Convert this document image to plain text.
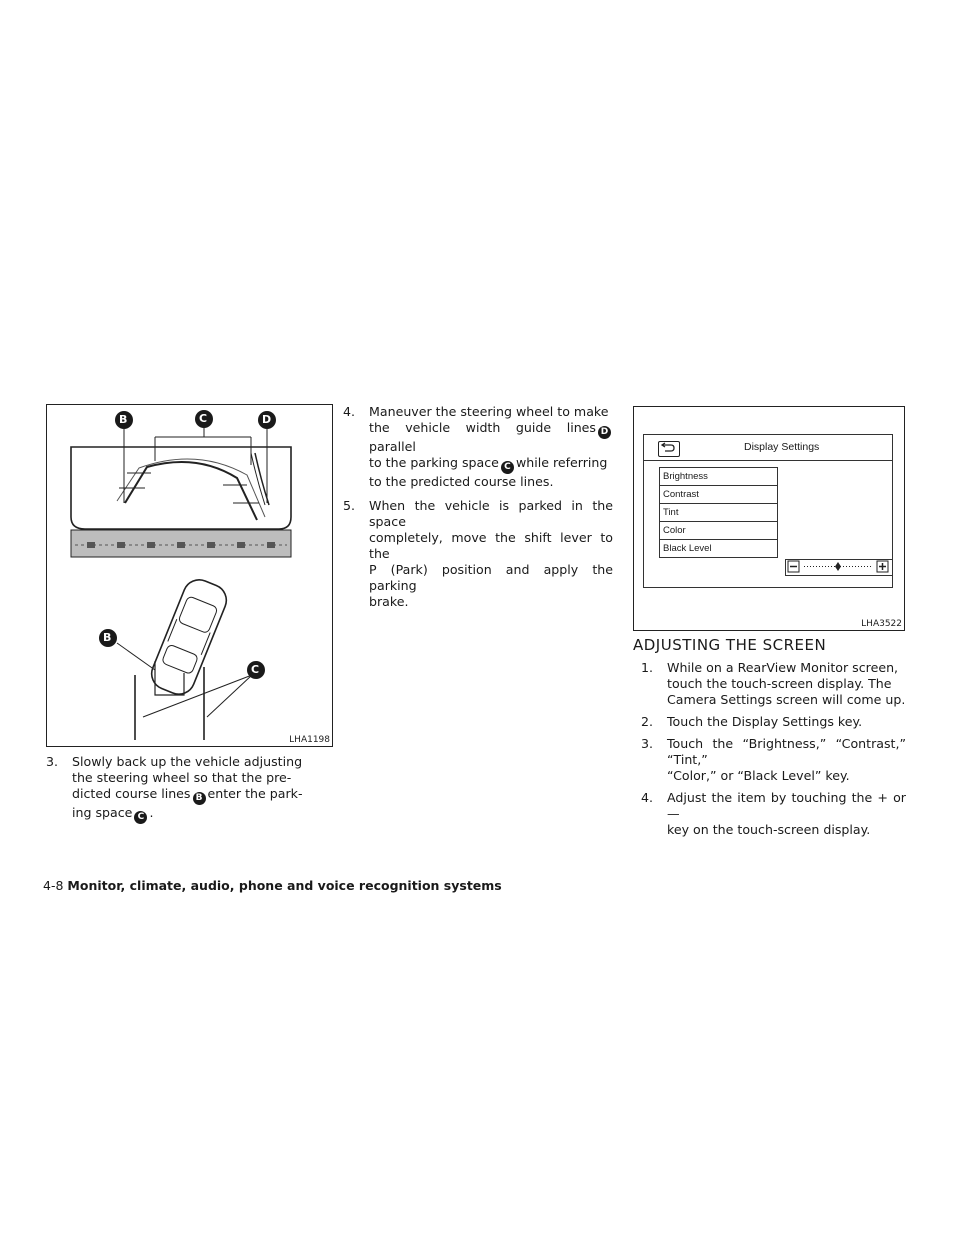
B	C	D
B
C
LHA1198
3. Slowly back up the vehicle adjusting
the steering wheel so that the pre-
dicted course lines B enter the park-
ing space C .
4. Maneuver the steering wheel to make
the vehicle width guide lines Dparallel
to the parking space C while referring
to the predicted course lines.
5. When the vehicle is parked in the space
completely, move the shift lever to the
P (Park) position and apply the parking
brake.
Display Settings
Brightness
Contrast
Tint
Color
Black Level
LHA3522
ADJUSTING THE SCREEN
1. While on a RearView Monitor screen,
touch the touch-screen display. The
Camera Settings screen will come up.
2. Touch the Display Settings key.
3. Touch the “Brightness,” “Contrast,” “Tint,”
“Color,” or “Black Level” key.
4. Adjust the item by touching the + or —
key on the touch-screen display.
4-8 Monitor, climate, audio, phone and voice recognition systems
